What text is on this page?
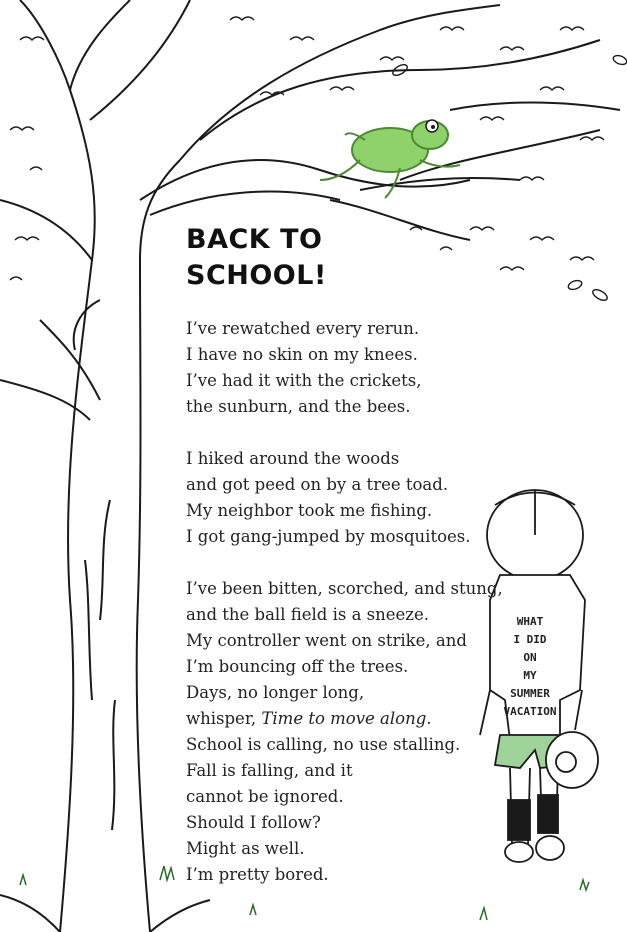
WHAT
I DID
ON
MY
SUMMER
VACATION
BACK TO
SCHOOL!
I’ve rewatched every rerun.
I have no skin on my knees.
I’ve had it with the crickets,
the sunburn, and the bees.
I hiked around the woods
and got peed on by a tree toad.
My neighbor took me fishing.
I got gang-jumped by mosquitoes.
I’ve been bitten, scorched, and stung,
and the ball field is a sneeze.
My controller went on strike, and
I’m bouncing off the trees.
Days, no longer long,
whisper, Time to move along.
School is calling, no use stalling.
Fall is falling, and it
cannot be ignored.
Should I follow?
Might as well.
I’m pretty bored.
